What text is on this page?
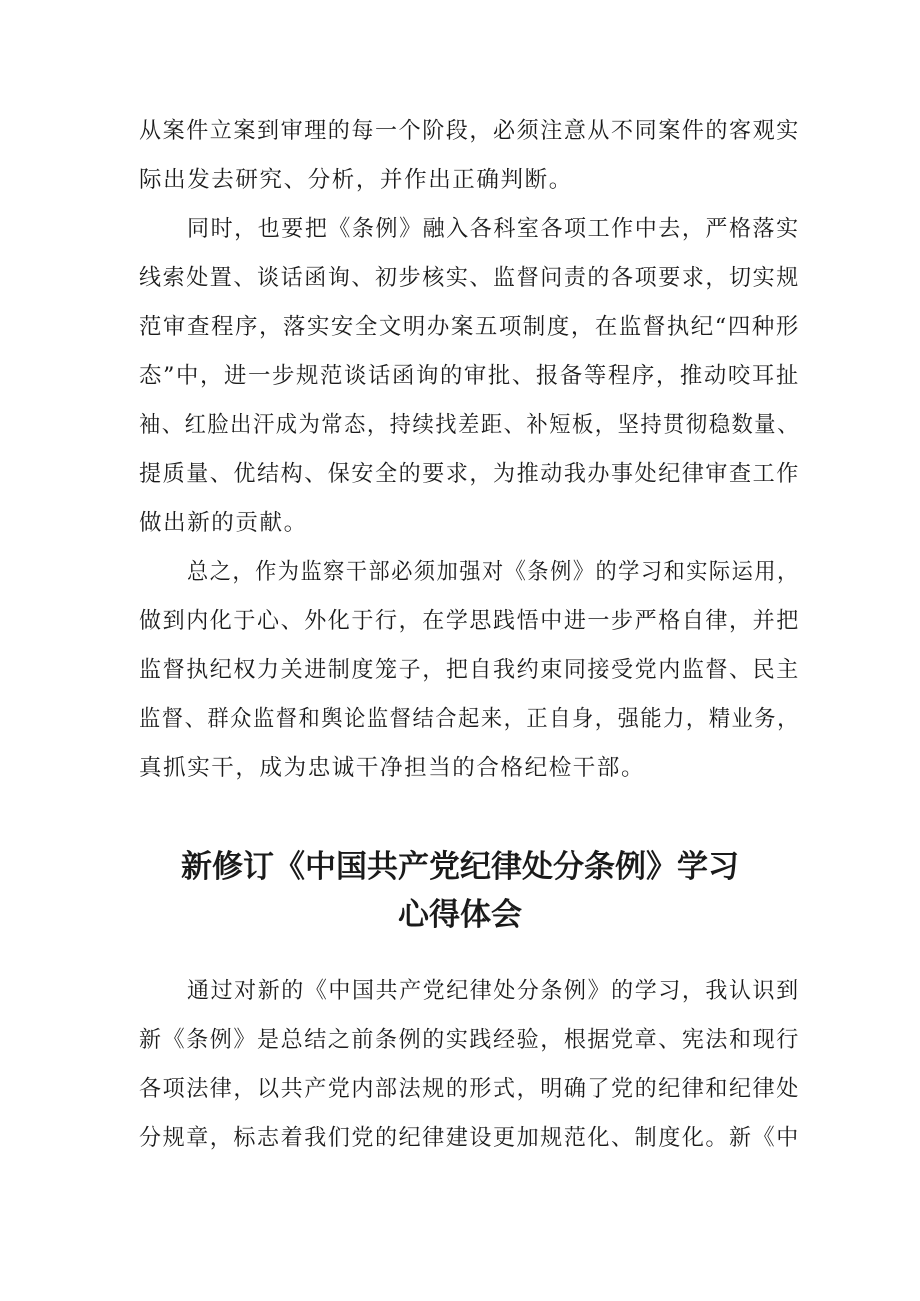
从案件立案到审理的每一个阶段，必须注意从不同案件的客观实

际出发去研究、分析，并作出正确判断。

同时，也要把《条例》融入各科室各项工作中去，严格落实

线索处置、谈话函询、初步核实、监督问责的各项要求，切实规

范审查程序，落实安全文明办案五项制度，在监督执纪“四种形

态”中，进一步规范谈话函询的审批、报备等程序，推动咬耳扯

袖、红脸出汗成为常态，持续找差距、补短板，坚持贯彻稳数量、

提质量、优结构、保安全的要求，为推动我办事处纪律审查工作

做出新的贡献。

总之，作为监察干部必须加强对《条例》的学习和实际运用，

做到内化于心、外化于行，在学思践悟中进一步严格自律，并把

监督执纪权力关进制度笼子，把自我约束同接受党内监督、民主

监督、群众监督和舆论监督结合起来，正自身，强能力，精业务，

真抓实干，成为忠诚干净担当的合格纪检干部。

新修订《中国共产党纪律处分条例》学习
心得体会

通过对新的《中国共产党纪律处分条例》的学习，我认识到

新《条例》是总结之前条例的实践经验，根据党章、宪法和现行

各项法律，以共产党内部法规的形式，明确了党的纪律和纪律处

分规章，标志着我们党的纪律建设更加规范化、制度化。新《中
